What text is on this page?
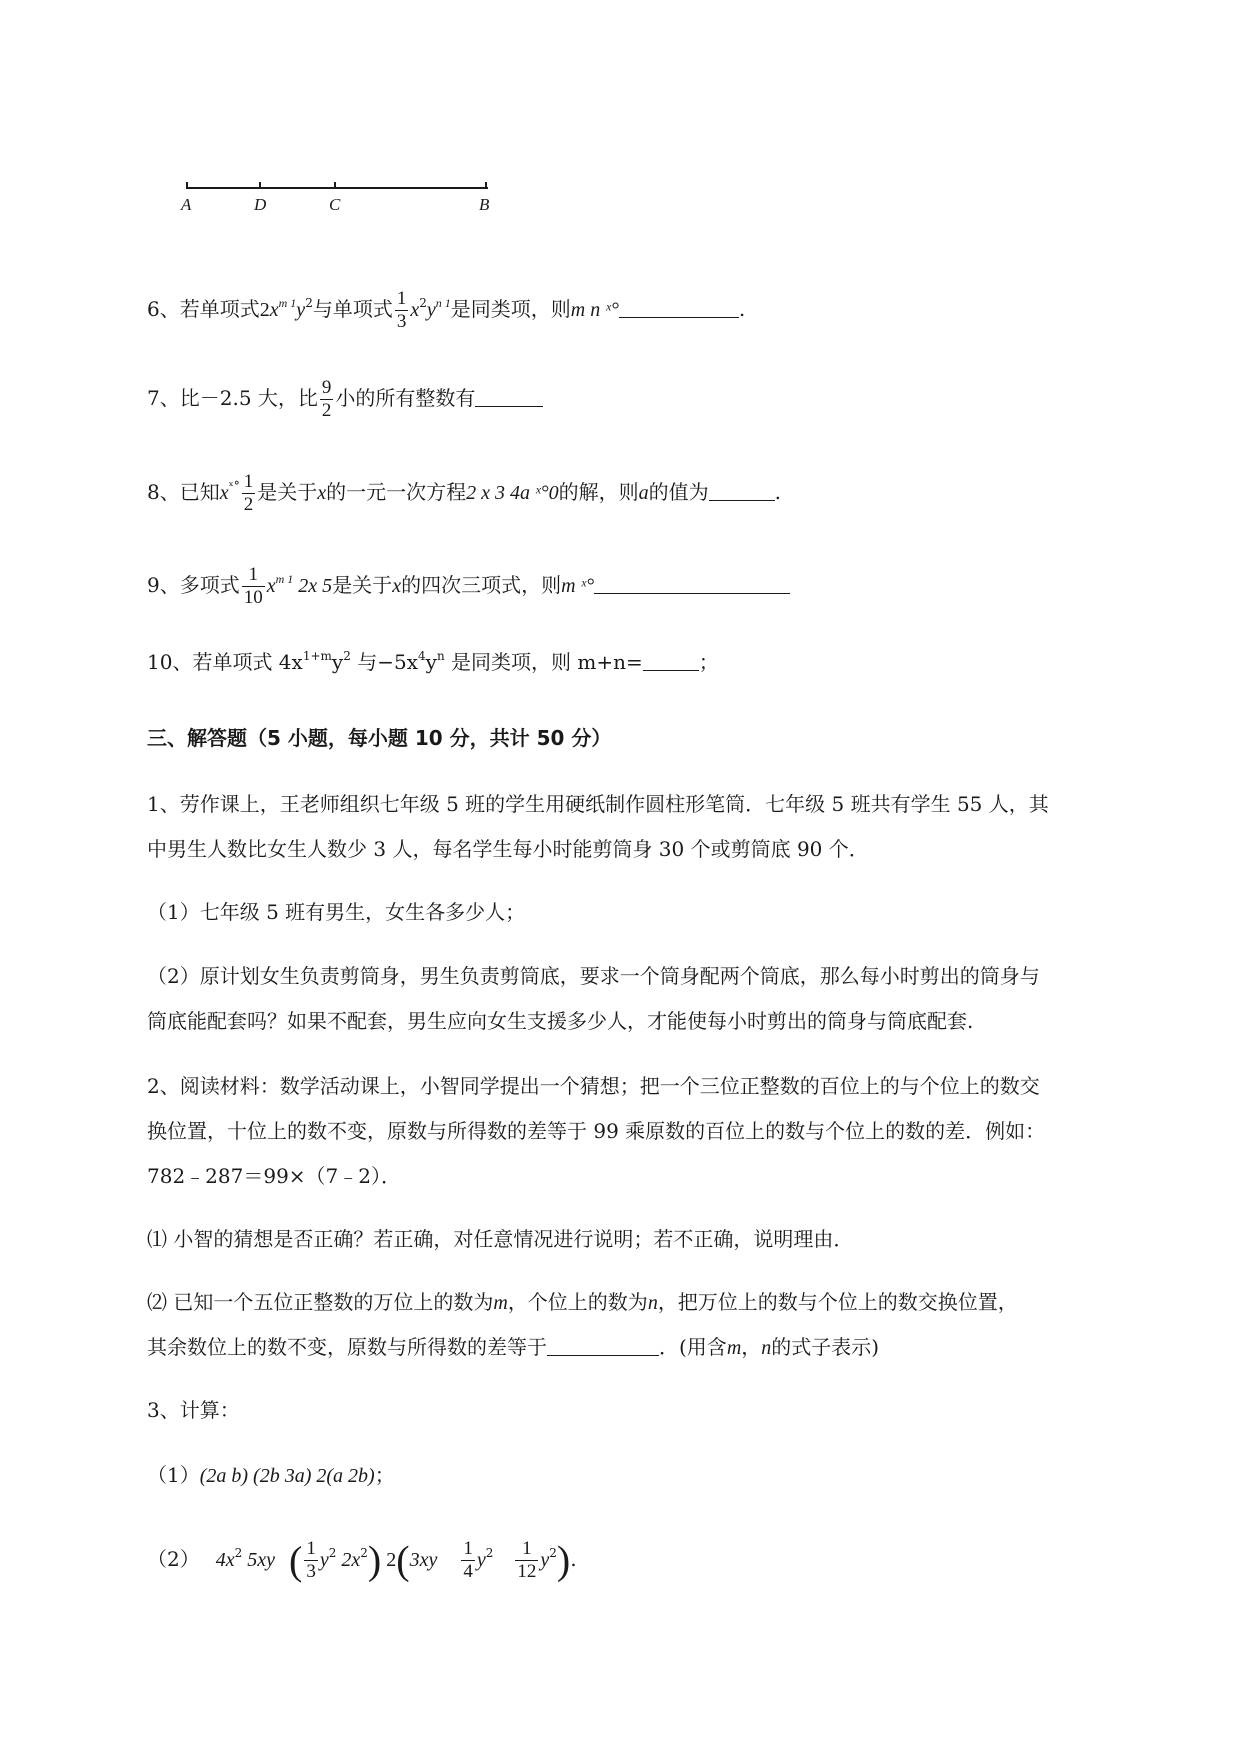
A	D	C	B
6、若单项式$2x^{m 1}y^2$与单项式 $\frac{1}{3} x^2y^{n 1}$是同类项，则m n ˣ°	.
7、比－2.5 大，比 $\frac{9}{2}$ 小的所有整数有
8、已知$x^{ˣ^\circ} \frac{1}{2}$ 是关于x的一元一次方程2 x 3 4a ˣ°0的解，则a的值为	.
9、多项式 $\frac{1}{10} x^{m 1}$ 2x 5是关于x的四次三项式，则m ˣ°
10、若单项式 $4x^{1+m}y^2$ 与$-5x^4y^n$ 是同类项，则 m+n=	；
三、解答题（5 小题，每小题 10 分，共计 50 分）
1、劳作课上，王老师组织七年级 5 班的学生用硬纸制作圆柱形笔筒．七年级 5 班共有学生 55 人，其
中男生人数比女生人数少 3 人，每名学生每小时能剪筒身 30 个或剪筒底 90 个．
（1）七年级 5 班有男生，女生各多少人；
（2）原计划女生负责剪筒身，男生负责剪筒底，要求一个筒身配两个筒底，那么每小时剪出的筒身与
筒底能配套吗？如果不配套，男生应向女生支援多少人，才能使每小时剪出的筒身与筒底配套.
2、阅读材料：数学活动课上，小智同学提出一个猜想；把一个三位正整数的百位上的与个位上的数交
换位置，十位上的数不变，原数与所得数的差等于 99 乘原数的百位上的数与个位上的数的差．例如：
782﹣287＝99×（7﹣2）．
⑴ 小智的猜想是否正确？若正确，对任意情况进行说明；若不正确，说明理由．
⑵ 已知一个五位正整数的万位上的数为m，个位上的数为n，把万位上的数与个位上的数交换位置，
其余数位上的数不变，原数与所得数的差等于	．(用含m，n的式子表示)
3、计算：
（1）(2a b) (2b 3a) 2(a 2b)；
（2） $4x^2$ 5xy ( $\frac{1}{3} y^2$ $2x^2$) $2(3xy \frac{1}{4} y^2 \frac{1}{12} y^2)$.
